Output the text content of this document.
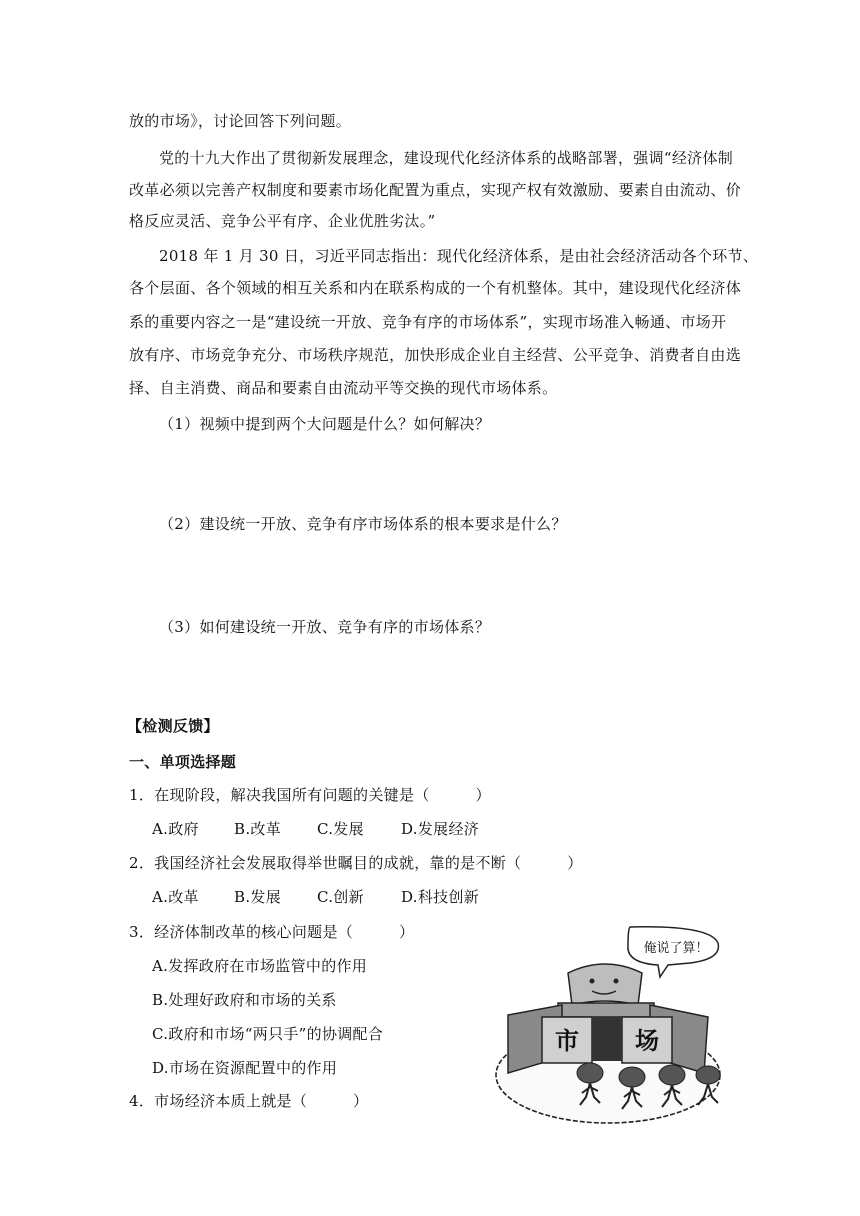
放的市场》，讨论回答下列问题。
党的十九大作出了贯彻新发展理念，建设现代化经济体系的战略部署，强调“经济体制
改革必须以完善产权制度和要素市场化配置为重点，实现产权有效激励、要素自由流动、价
格反应灵活、竞争公平有序、企业优胜劣汰。”
2018 年 1 月 30 日，习近平同志指出：现代化经济体系，是由社会经济活动各个环节、
各个层面、各个领域的相互关系和内在联系构成的一个有机整体。其中，建设现代化经济体
系的重要内容之一是“建设统一开放、竞争有序的市场体系”，实现市场准入畅通、市场开
放有序、市场竞争充分、市场秩序规范，加快形成企业自主经营、公平竞争、消费者自由选
择、自主消费、商品和要素自由流动平等交换的现代市场体系。
（1）视频中提到两个大问题是什么？如何解决？
（2）建设统一开放、竞争有序市场体系的根本要求是什么？
（3）如何建设统一开放、竞争有序的市场体系？
【检测反馈】
一、单项选择题
1．在现阶段，解决我国所有问题的关键是（　　　）
A.政府 B.改革 C.发展 D.发展经济
2．我国经济社会发展取得举世瞩目的成就，靠的是不断（　　　）
A.改革 B.发展 C.创新 D.科技创新
3．经济体制改革的核心问题是（　　　）
A.发挥政府在市场监管中的作用
B.处理好政府和市场的关系
C.政府和市场“两只手”的协调配合
D.市场在资源配置中的作用
4．市场经济本质上就是（　　　）
俺说了算！
市 场
